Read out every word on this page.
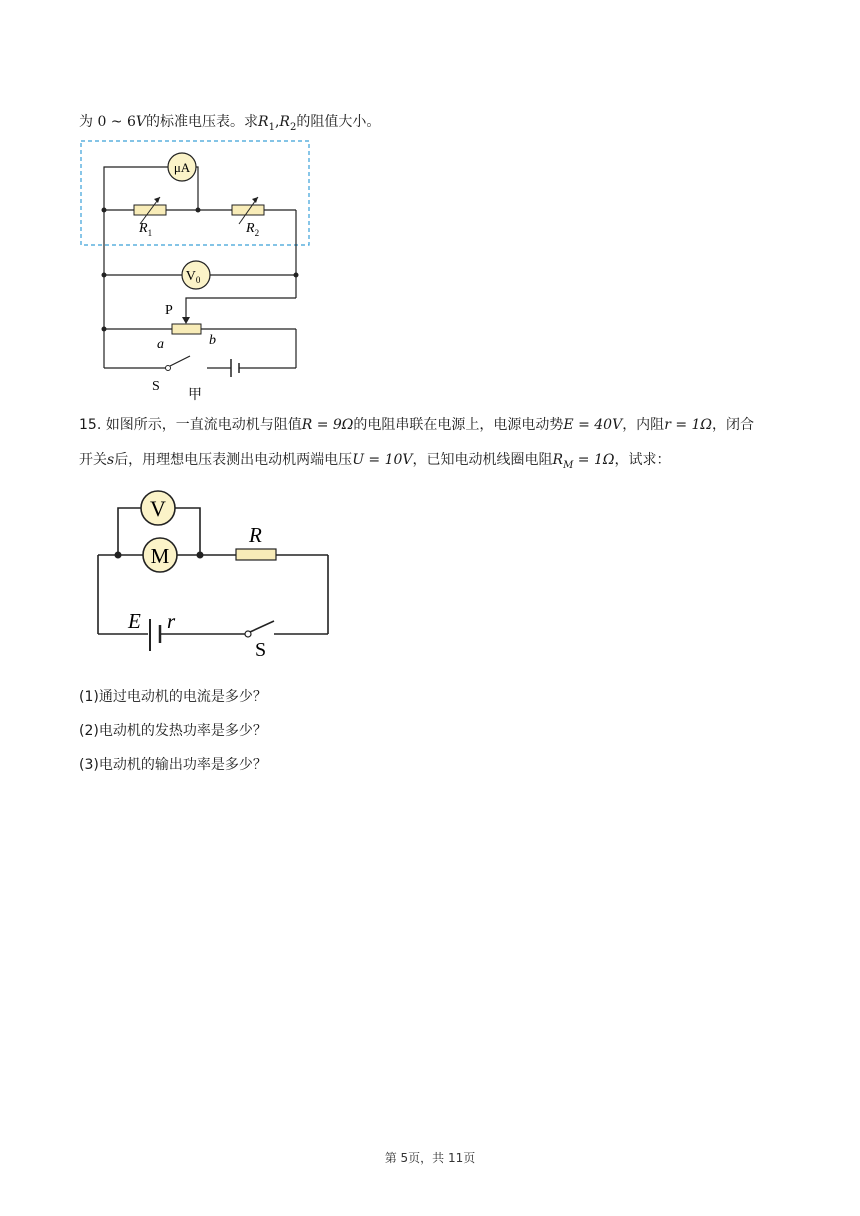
为 0 ~ 6V的标准电压表。求$R_1,R_2$的阻值大小。
μA
$R_1$	$R_2$
$V_0$
P
a	b
S
甲
15. 如图所示，一直流电动机与阻值R = 9Ω的电阻串联在电源上，电源电动势E = 40V，内阻r = 1Ω，闭合
开关s后，用理想电压表测出电动机两端电压U = 10V，已知电动机线圈电阻$R_M = 1\Omega$，试求：
V
M
R
E r
S
(1)通过电动机的电流是多少？
(2)电动机的发热功率是多少？
(3)电动机的输出功率是多少？
第 5页，共 11页
